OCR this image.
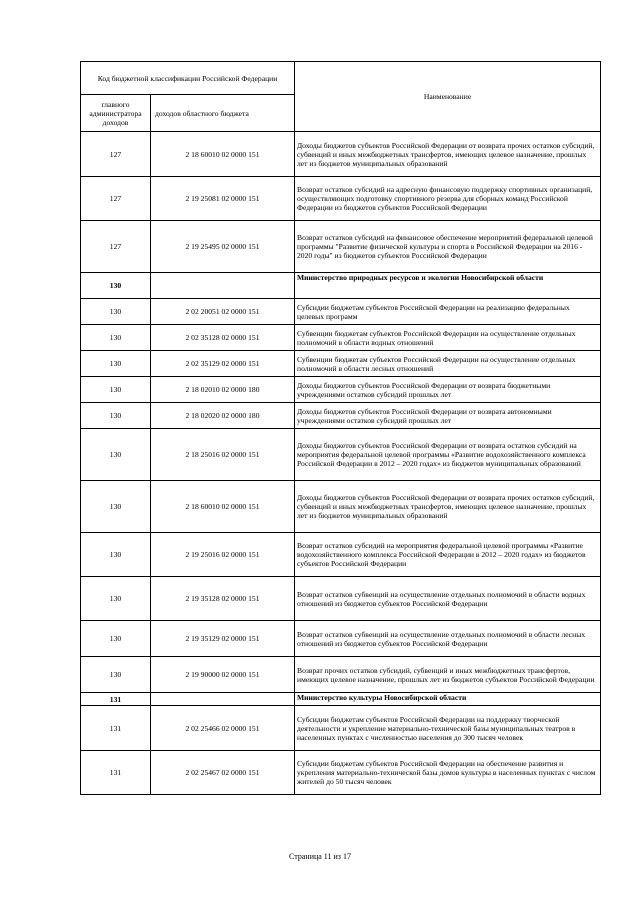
Код бюджетной классификации Российской Федерации		Наименование
главного администратора доходов	доходов областного бюджета	
127	2 18 60010 02 0000 151	Доходы бюджетов субъектов Российской Федерации от возврата прочих остатков субсидий, субвенций и иных межбюджетных трансфертов, имеющих целевое назначение, прошлых лет из бюджетов муниципальных образований
127	2 19 25081 02 0000 151	Возврат остатков субсидий на адресную финансовую поддержку спортивных организаций, осуществляющих подготовку спортивного резерва для сборных команд Российской Федерации из бюджетов субъектов Российской Федерации
127	2 19 25495 02 0000 151	Возврат остатков субсидий на финансовое обеспечение мероприятий федеральной целевой программы "Развитие физической культуры и спорта в Российской Федерации на 2016 - 2020 годы" из бюджетов субъектов Российской Федерации
130		Министерство природных ресурсов и экологии Новосибирской области
130	2 02 20051 02 0000 151	Субсидии бюджетам субъектов Российской Федерации на реализацию федеральных целевых программ
130	2 02 35128 02 0000 151	Субвенции бюджетам субъектов Российской Федерации на осуществление отдельных полномочий в области водных отношений
130	2 02 35129 02 0000 151	Субвенции бюджетам субъектов Российской Федерации на осуществление отдельных полномочий в области лесных отношений
130	2 18 02010 02 0000 180	Доходы бюджетов субъектов Российской Федерации от возврата бюджетными учреждениями остатков субсидий прошлых лет
130	2 18 02020 02 0000 180	Доходы бюджетов субъектов Российской Федерации от возврата автономными учреждениями остатков субсидий прошлых лет
130	2 18 25016 02 0000 151	Доходы бюджетов субъектов Российской Федерации от возврата остатков субсидий на мероприятия федеральной целевой программы «Развитие водохозяйственного комплекса Российской Федерации в 2012 – 2020 годах» из бюджетов муниципальных образований
130	2 18 60010 02 0000 151	Доходы бюджетов субъектов Российской Федерации от возврата прочих остатков субсидий, субвенций и иных межбюджетных трансфертов, имеющих целевое назначение, прошлых лет из бюджетов муниципальных образований
130	2 19 25016 02 0000 151	Возврат остатков субсидий на мероприятия федеральной целевой программы «Развитие водохозяйственного комплекса Российской Федерации в 2012 – 2020 годах» из бюджетов субъектов Российской Федерации
130	2 19 35128 02 0000 151	Возврат остатков субвенций на осуществление отдельных полномочий в области водных отношений из бюджетов субъектов Российской Федерации
130	2 19 35129 02 0000 151	Возврат остатков субвенций на осуществление отдельных полномочий в области лесных отношений из бюджетов субъектов Российской Федерации
130	2 19 90000 02 0000 151	Возврат прочих остатков субсидий, субвенций и иных межбюджетных трансфертов, имеющих целевое назначение, прошлых лет из бюджетов субъектов Российской Федерации
131		Министерство культуры Новосибирской области
131	2 02 25466 02 0000 151	Субсидии бюджетам субъектов Российской Федерации на поддержку творческой деятельности и укрепление материально-технической базы муниципальных театров в населенных пунктах с численностью населения до 300 тысяч человек
131	2 02 25467 02 0000 151	Субсидии бюджетам субъектов Российской Федерации на обеспечение развития и укрепления материально-технической базы домов культуры в населенных пунктах с числом жителей до 50 тысяч человек
Страница 11 из 17
